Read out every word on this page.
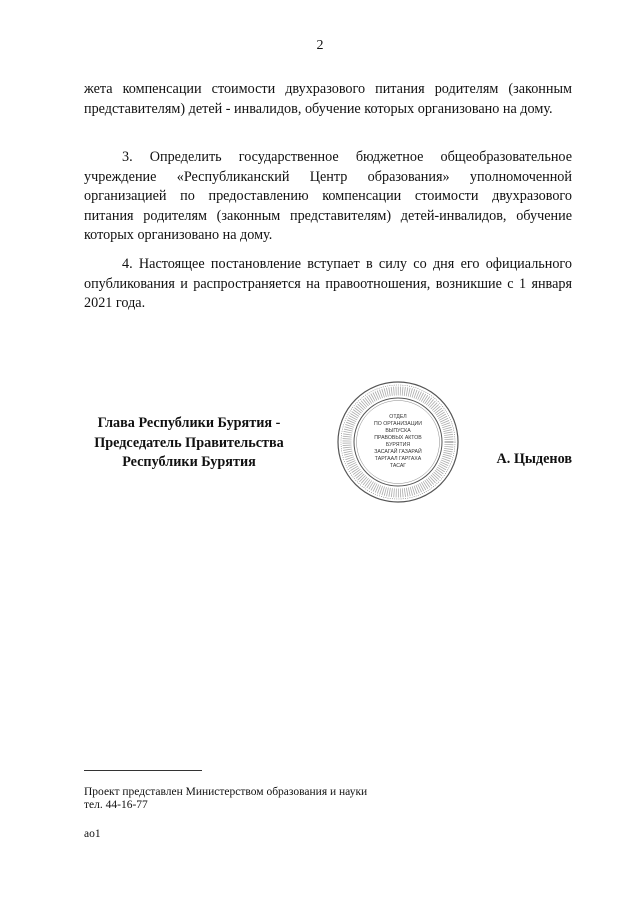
2
жета компенсации стоимости двухразового питания родителям (законным представителям) детей - инвалидов, обучение которых организовано на дому.
3. Определить государственное бюджетное общеобразовательное учреждение «Республиканский Центр образования» уполномоченной организацией по предоставлению компенсации стоимости двухразового питания родителям (законным представителям) детей-инвалидов, обучение которых организовано на дому.
4. Настоящее постановление вступает в силу со дня его официального опубликования и распространяется на правоотношения, возникшие с 1 января 2021 года.
Глава Республики Бурятия -
Председатель Правительства
Республики Бурятия
ОТДЕЛ
ПО ОРГАНИЗАЦИИ
ВЫПУСКА
ПРАВОВЫХ АКТОВ
БУРЯТИЯ
ЗАСАГАЙ ГАЗАРАЙ
ТАРГААЛ ГАРГАХА
ТАСАГ	А. Цыденов
Проект представлен Министерством образования и науки
тел. 44-16-77
ао1
